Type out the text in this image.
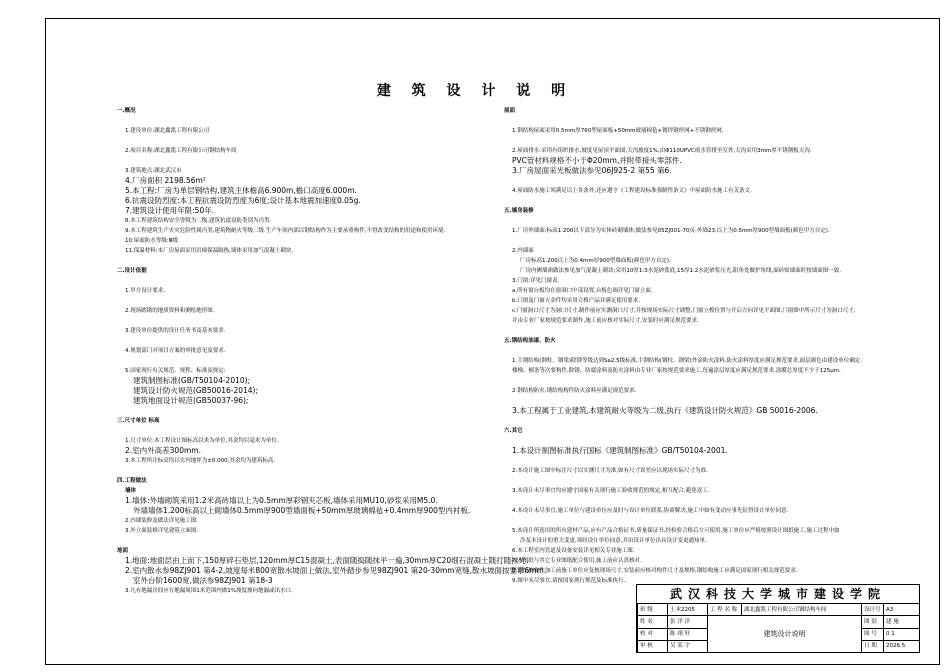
建 筑 设 计 说 明
一.概况

1.建设单位:湖北鑫凯工程有限公司

2.项目名称:湖北鑫凯工程有限公司钢结构车间

3.建筑地点:湖北武汉市
4.厂房面积 2198.56m²
5.本工程:厂房为单层钢结构,建筑主体檐高6.900m,檐口高度6.000m.
6.抗震设防烈度:本工程抗震设防烈度为6度;设计基本地震加速度0.05g.
7.建筑设计使用年限:50年.
8.本工程建筑结构安全等级为二级,建筑抗震设防类别为丙类.
9.本工程建筑生产火灾危险性属丙类,建筑物耐火等级二级.生产车间内部以钢结构作为主要承重构件,不得改变结构的用途和使用环境.
10.屋面防水等级:Ⅲ级
11.保温材料:本厂房屋面采用岩棉保温隔热,墙体采用加气混凝土砌块.

二.设计依据

1.甲方设计要求.

2.现场踏勘的地质资料和测绘地形图.

3.建设单位提供的设计任务书及基本要求.

4.规划部门对项目方案的审批意见及要求.

5.国家现行有关规范、规程、标准及规定:
建筑制图标准(GB/T50104-2010);
建筑设计防火规范(GB50016-2014);
建筑地面设计规范(GB50037-96);

三.尺寸单位 标高

1.尺寸单位:本工程设计图标高以米为单位,其余均以毫米为单位.
2.室内外高差300mm.
3.本工程所注标高均以室内地坪为±0.000,其余均为建筑标高.

四.工程做法
墙体
1.墙体:外墙砌筑采用1.2米高砖墙以上为0.5mm厚彩钢夹芯板,墙体采用MU10,砂浆采用M5.0.
外墙墙体1.200标高以上砌墙体0.5mm厚900型墙面板+50mm厚玻璃棉毡+0.4mm厚900型内衬板.
2.内墙装修及做法详见施工图.
3.外立面装修详见建筑立面图.

地面
1.地面:地面层由上而下,150厚碎石垫层,120mm厚C15混凝土,表面随捣随抹平一遍,30mm厚C20细石混凝土随打随抹光.
2.室内散水参98ZJ901 第4-2,坡度每米800宽散水坡面上做法,室外踏步参见98ZJ901 第20-30mm宽缝,散水坡面按要求6mm.
室外台阶1600宽,做法参98ZJ901 第18-3
3.凡有地漏房间应在地漏周围1米范围内做1%坡度坡向地漏或出水口.
屋面

1.钢结构屋面采用0.5mm厚760型屋面板+50mm玻璃棉毡+镀锌钢丝网+不锈钢丝网.

2.屋面排水:采用有组织排水,坡度见屋顶平面图,天沟坡度1%,由Φ110UPVC雨水管排至室外,天沟采用3mm厚不锈钢板天沟.
PVC管材料规格不小于Φ20mm,并附带接头零部件.
3.厂房屋面采光板做法参见06J925-2 第55 第6.

4.屋面防水施工须满足以上各条外,还应遵守《工程建设标准强制性条文》中屋面防水施工有关条文.

五.墙身装修

1.厂房外墙面:标高1.200以下部分为实体砖砌墙体,做法参见05ZJ001-70页-外墙23,以上为0.5mm厚900型墙面板(颜色甲方自定).

2.内墙面
厂房标高1.200以上为0.4mm厚900型墙面板(颜色甲方自定).
厂房内侧墙裙做法参见加气混凝土砌块;采用10厚1:3水泥砂浆底,15厚1:2水泥砂浆压光,阳角处做护角线,面砖贴墙面时按墙面图一致.
3.门窗:详见门窗表.
a.所有窗台板均在窗洞口中部设置,台板色调详见门窗立面.
b.门窗及门窗五金件均采用合格产品并满足使用要求.
c.门窗洞口尺寸为洞口尺寸,制作前应实测洞口尺寸,并按现场实际尺寸调整,门窗立樘位置与开启方向详见平面图,门窗图中所示尺寸为洞口尺寸,
并由专业厂家按规范要求制作,施工前应核对实际尺寸,安装时应满足规范要求.

五.钢结构油漆、防火

1.主钢结构(钢柱、钢梁)除锈等级达到Sa2.5级标准,主钢结构(钢柱、钢梁)外涂防火涂料,防火涂料厚度应满足规范要求,面层颜色由建设单位确定.
楼梯、檩条等次要构件,除锈、防腐涂料及防火涂料由专业厂家按规范要求施工,每遍涂层厚度应满足规范要求,涂膜总厚度不少于125μm.

2.钢结构防火:钢结构构件防火涂料应满足规范要求.

3.本工程属于工业建筑,本建筑耐火等级为二级,执行《建筑设计防火规范》GB 50016-2006.

六.其它

1.本设计制图标准执行国标《建筑制图标准》GB/T50104-2001.

2.本设计施工图中标注尺寸以实测尺寸为准,如有尺寸误差应以现场实际尺寸为准.

3.本设计未尽事宜均应遵守国家有关现行施工验收规范的规定,相互配合,避免返工.

4.本设计未尽事宜,施工单位与建设单位应及时与设计单位联系,协商解决,施工中如有变动应事先征得设计单位同意.

5.本设计所选用的所有建材产品,应有产品合格证书,质量保证书,经检验合格后方可使用,施工单位应严格按照设计图纸施工,施工过程中如
涉及本设计的重大变更,须经设计单位同意,并由设计单位出具设计变更通知单.
6.本工程室内管道及设备安装详见相关专业施工图.
7.本图纸与其它专业图纸配合使用,施工前应认真核对.
8.钢结构构件加工前施工单位应复核现场尺寸,安装前应核对构件尺寸及规格,钢结构施工应满足国家现行相关规范要求.
9.图中未尽事宜,请按国家现行规范及标准执行.
武汉科技大学城市建设学院
班 级	土木2205	工 程 名 称	湖北鑫凯工程有限公司钢结构车间	设计号	A3
姓 名	张 洋 洋	建筑设计说明		图 别	建 施
校 对	陈 翊 轩			图 号	0 1
审 核	吴 某 宇			日 期	2026.5
